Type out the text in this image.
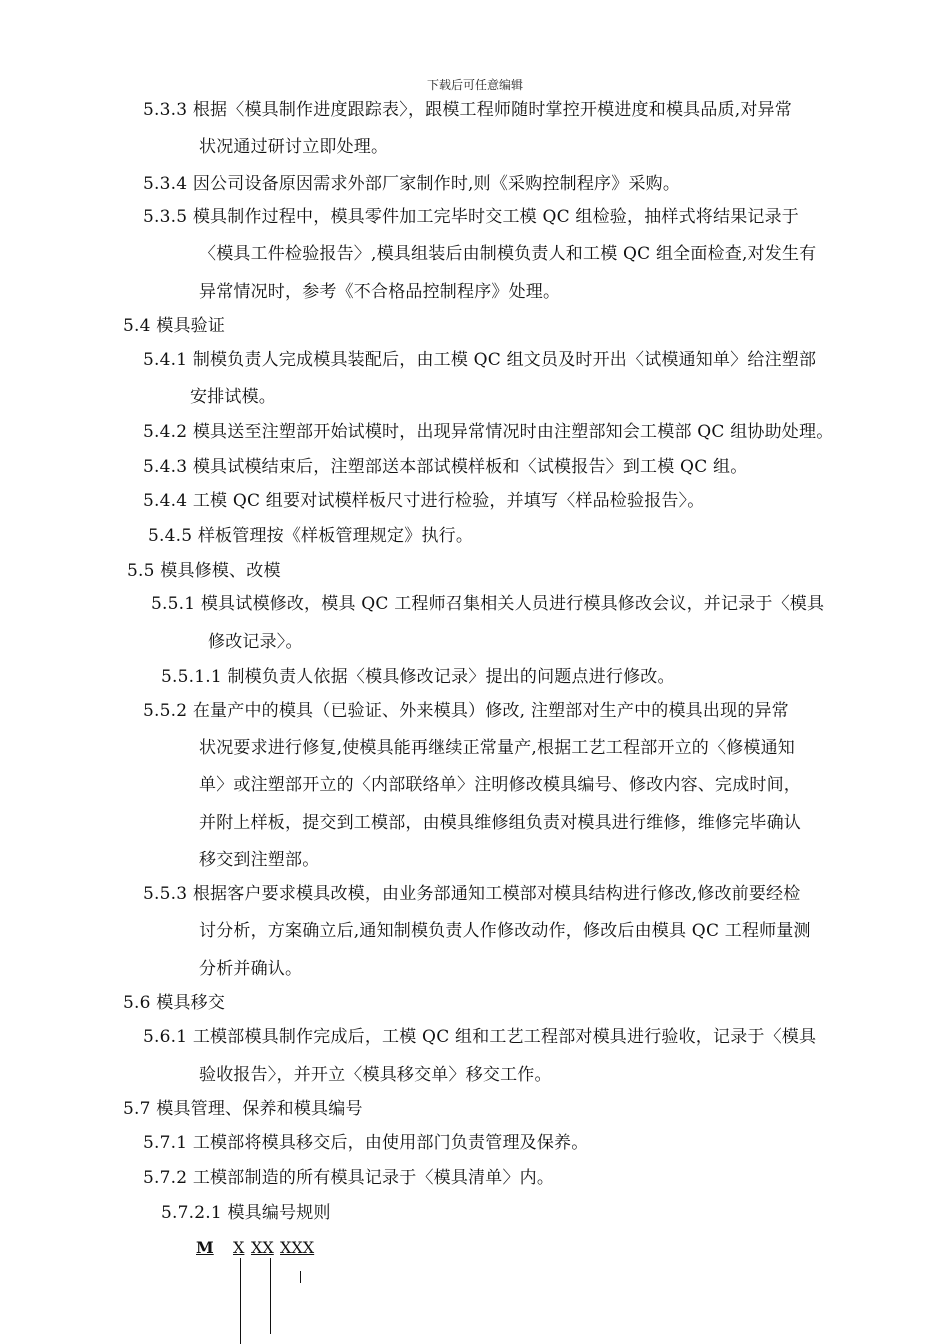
下载后可任意编辑
5.3.3 根据〈模具制作进度跟踪表〉，跟模工程师随时掌控开模进度和模具品质,对异常
状况通过研讨立即处理。
5.3.4 因公司设备原因需求外部厂家制作时,则《采购控制程序》采购。
5.3.5 模具制作过程中，模具零件加工完毕时交工模 QC 组检验，抽样式将结果记录于
〈模具工件检验报告〉,模具组装后由制模负责人和工模 QC 组全面检查,对发生有
异常情况时，参考《不合格品控制程序》处理。
5.4 模具验证
5.4.1 制模负责人完成模具装配后，由工模 QC 组文员及时开出〈试模通知单〉给注塑部
安排试模。
5.4.2 模具送至注塑部开始试模时，出现异常情况时由注塑部知会工模部 QC 组协助处理。
5.4.3 模具试模结束后，注塑部送本部试模样板和〈试模报告〉到工模 QC 组。
5.4.4 工模 QC 组要对试模样板尺寸进行检验，并填写〈样品检验报告〉。
5.4.5 样板管理按《样板管理规定》执行。
5.5 模具修模、改模
5.5.1 模具试模修改，模具 QC 工程师召集相关人员进行模具修改会议，并记录于〈模具
修改记录〉。
5.5.1.1 制模负责人依据〈模具修改记录〉提出的问题点进行修改。
5.5.2 在量产中的模具（已验证、外来模具）修改, 注塑部对生产中的模具出现的异常
状况要求进行修复,使模具能再继续正常量产,根据工艺工程部开立的〈修模通知
单〉或注塑部开立的〈内部联络单〉注明修改模具编号、修改内容、完成时间，
并附上样板，提交到工模部，由模具维修组负责对模具进行维修，维修完毕确认
移交到注塑部。
5.5.3 根据客户要求模具改模，由业务部通知工模部对模具结构进行修改,修改前要经检
讨分析，方案确立后,通知制模负责人作修改动作，修改后由模具 QC 工程师量测
分析并确认。
5.6 模具移交
5.6.1 工模部模具制作完成后，工模 QC 组和工艺工程部对模具进行验收，记录于〈模具
验收报告〉，并开立〈模具移交单〉移交工作。
5.7 模具管理、保养和模具编号
5.7.1 工模部将模具移交后，由使用部门负责管理及保养。
5.7.2 工模部制造的所有模具记录于〈模具清单〉内。
5.7.2.1 模具编号规则
M X XX XXX
